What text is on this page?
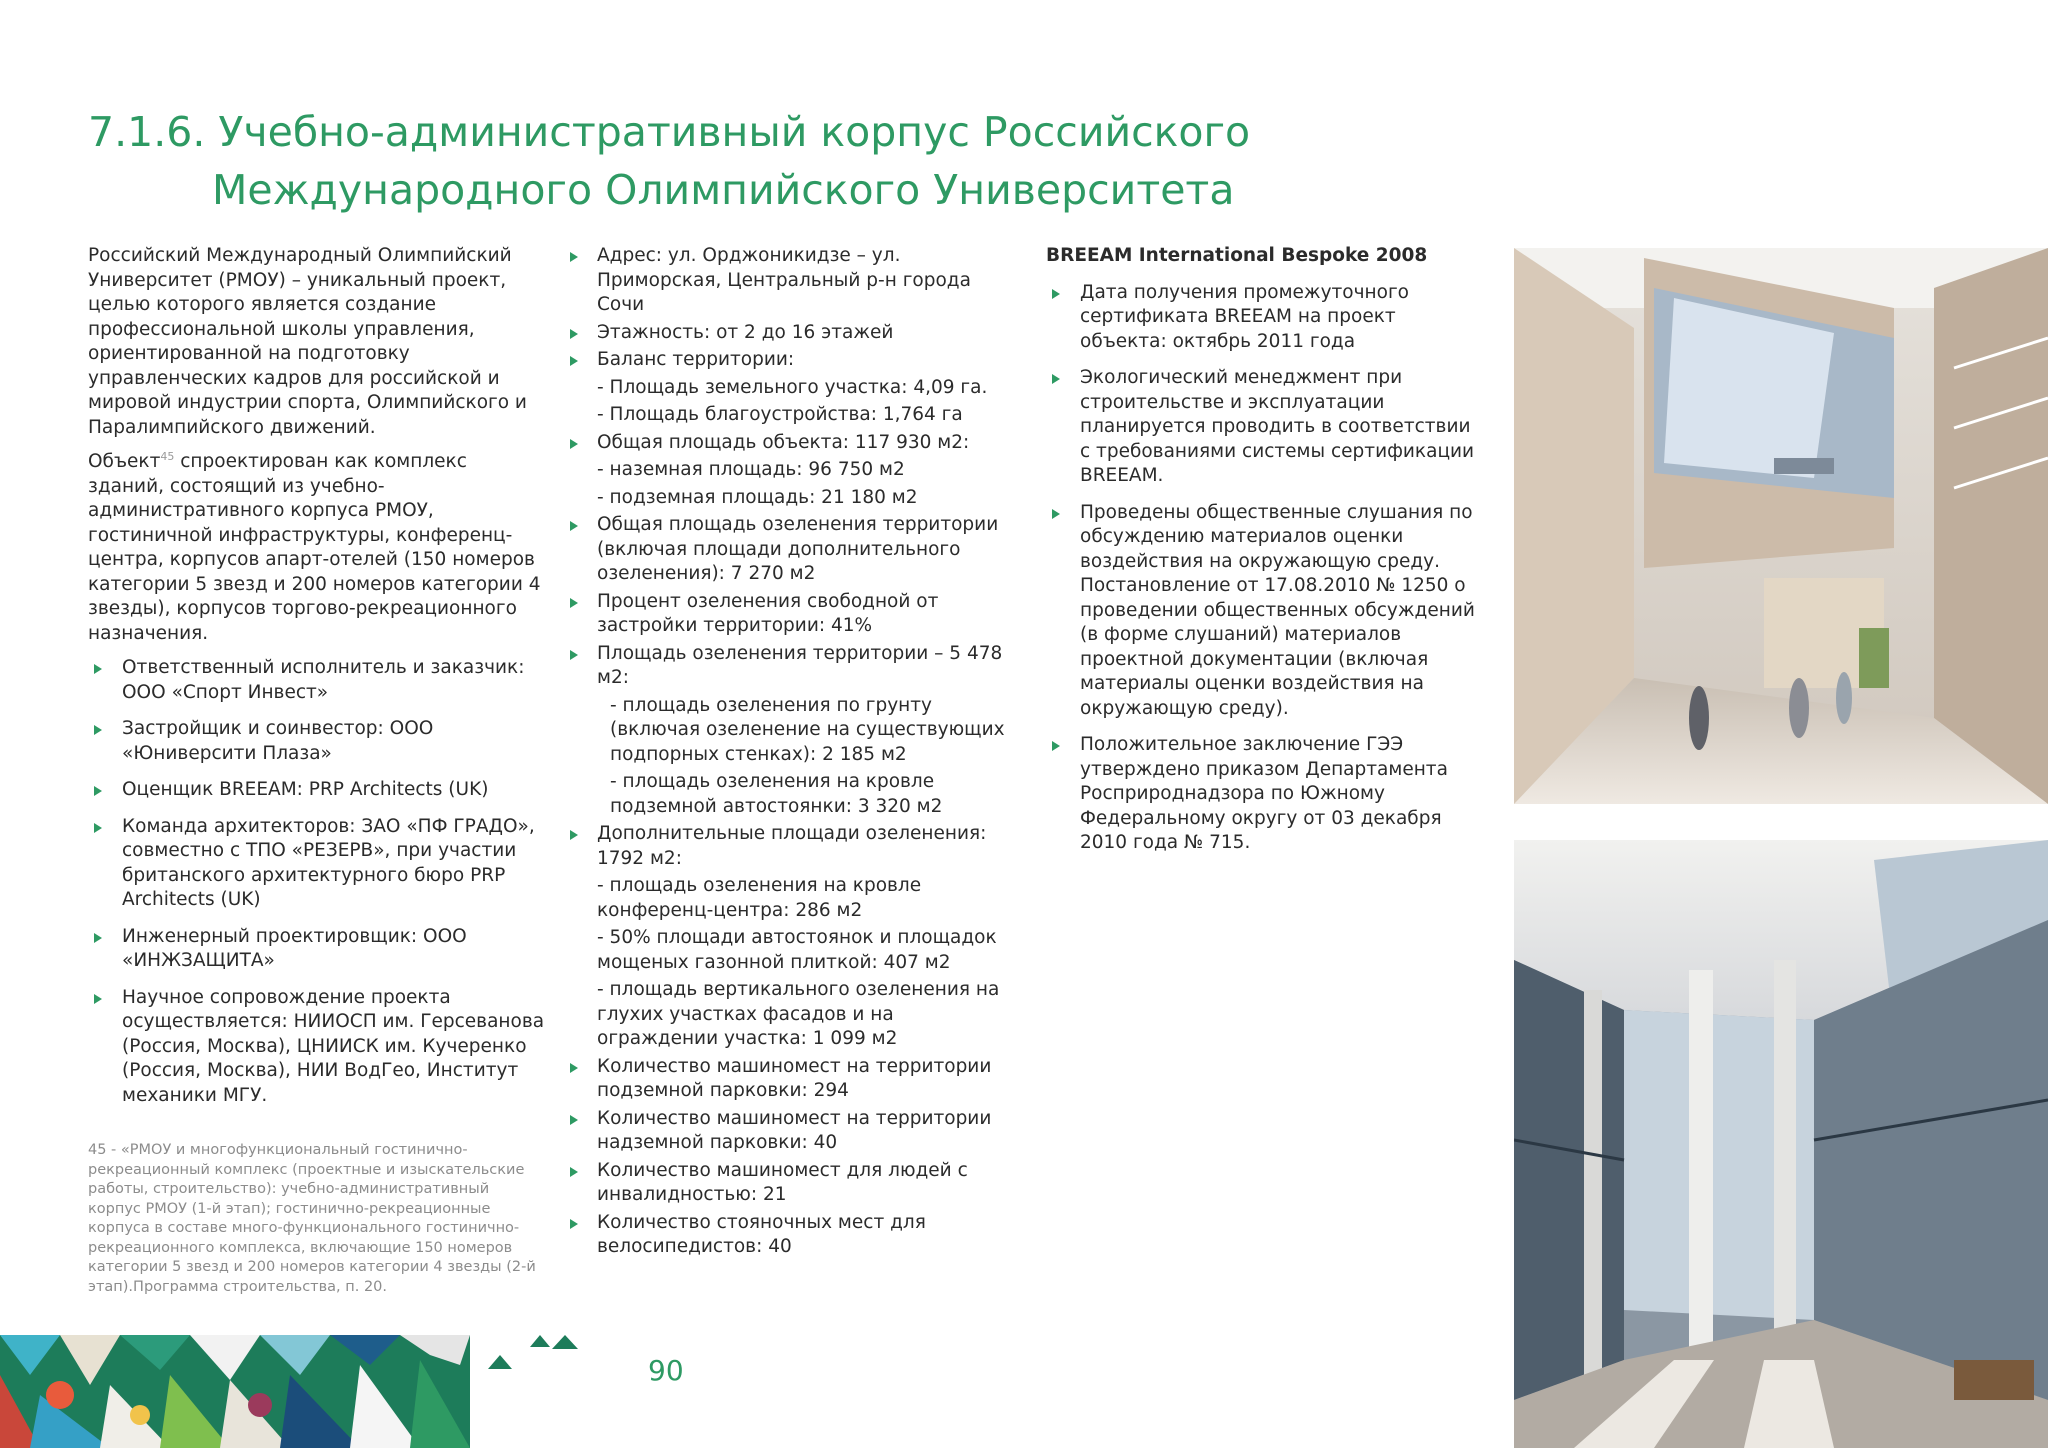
7.1.6. Учебно-административный корпус Российского
Международного Олимпийского Университета

Российский Международный Олимпийский Университет (РМОУ) – уникальный проект, целью которого является создание профессиональной школы управления, ориентированной на подготовку управленческих кадров для российской и мировой индустрии спорта, Олимпийского и Паралимпийского движений.

Объект$^{45}$ спроектирован как комплекс зданий, состоящий из учебно-административного корпуса РМОУ, гостиничной инфраструктуры, конференц-центра, корпусов апарт-отелей (150 номеров категории 5 звезд и 200 номеров категории 4 звезды), корпусов торгово-рекреационного назначения.

Ответственный исполнитель и заказчик: ООО «Спорт Инвест»
Застройщик и соинвестор: ООО «Юниверсити Плаза»
Оценщик BREEAM: PRP Architects (UK)
Команда архитекторов: ЗАО «ПФ ГРАДО», совместно с ТПО «РЕЗЕРВ», при участии британского архитектурного бюро PRP Architects (UK)
Инженерный проектировщик: ООО «ИНЖЗАЩИТА»
Научное сопровождение проекта осуществляется: НИИОСП им. Герсеванова (Россия, Москва), ЦНИИСК им. Кучеренко (Россия, Москва), НИИ ВодГео, Институт механики МГУ.
45 - «РМОУ и многофункциональный гостинично-рекреационный комплекс (проектные и изыскательские работы, строительство): учебно-административный корпус РМОУ (1-й этап); гостинично-рекреационные корпуса в составе много-функционального гостинично-рекреационного комплекса, включающие 150 номеров категории 5 звезд и 200 номеров категории 4 звезды (2-й этап).Программа строительства, п. 20.
Адрес: ул. Орджоникидзе – ул. Приморская, Центральный р-н города Сочи
Этажность: от 2 до 16 этажей
Баланс территории:
- Площадь земельного участка: 4,09 га.
- Площадь благоустройства: 1,764 га
Общая площадь объекта: 117 930 м2:
- наземная площадь: 96 750 м2
- подземная площадь: 21 180 м2
Общая площадь озеленения территории (включая площади дополнительного озеленения): 7 270 м2
Процент озеленения свободной от застройки территории: 41%
Площадь озеленения территории – 5 478 м2:
- площадь озеленения по грунту (включая озеленение на существующих подпорных стенках): 2 185 м2
- площадь озеленения на кровле подземной автостоянки: 3 320 м2
Дополнительные площади озеленения: 1792 м2:
- площадь озеленения на кровле конференц-центра: 286 м2
- 50% площади автостоянок и площадок мощеных газонной плиткой: 407 м2
- площадь вертикального озеленения на глухих участках фасадов и на ограждении участка: 1 099 м2
Количество машиномест на территории подземной парковки: 294
Количество машиномест на территории надземной парковки: 40
Количество машиномест для людей с инвалидностью: 21
Количество стояночных мест для велосипедистов: 40
BREEAM International Bespoke 2008
Дата получения промежуточного сертификата BREEAM на проект объекта: октябрь 2011 года
Экологический менеджмент при строительстве и эксплуатации планируется проводить в соответствии с требованиями системы сертификации BREEAM.
Проведены общественные слушания по обсуждению материалов оценки воздействия на окружающую среду. Постановление от 17.08.2010 № 1250 о проведении общественных обсуждений (в форме слушаний) материалов проектной документации (включая материалы оценки воздействия на окружающую среду).
Положительное заключение ГЭЭ утверждено приказом Департамента Росприроднадзора по Южному Федеральному округу от 03 декабря 2010 года № 715.
90
